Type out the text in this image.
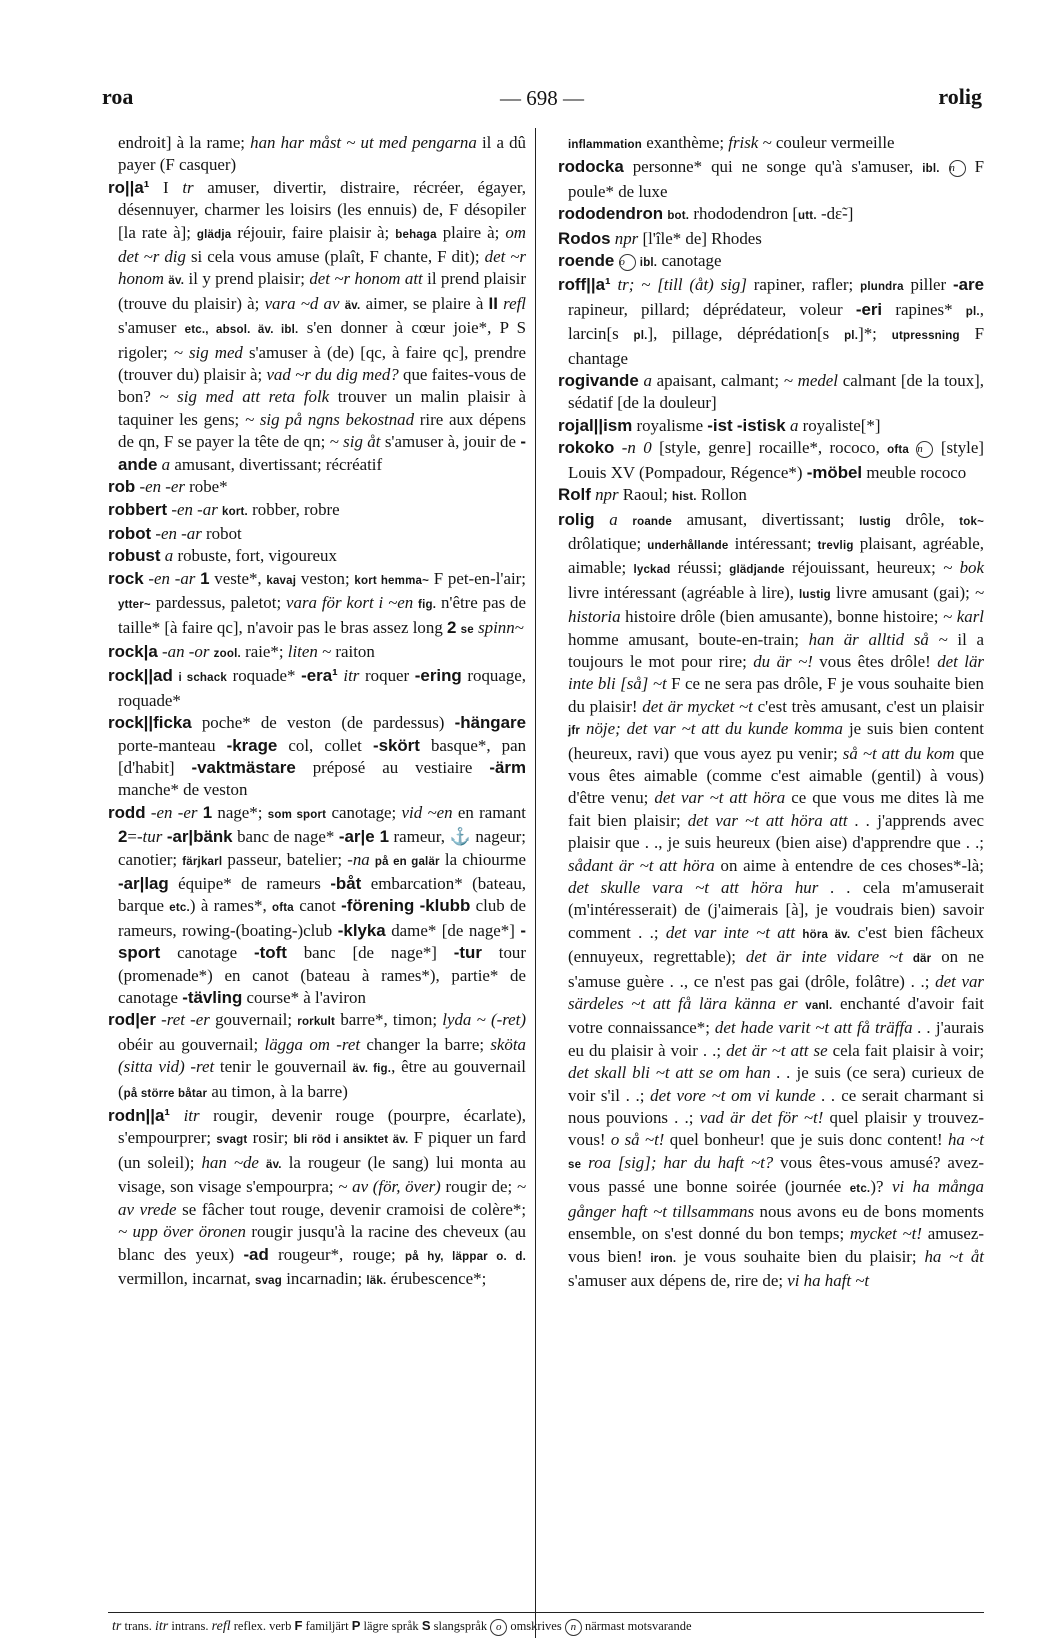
roa	— 698 —	rolig

endroit] à la rame; han har måst ~ ut med pengarna il a dû payer (F casquer)

ro||a¹ I tr amuser, divertir, distraire, récréer, égayer, désennuyer, charmer les loisirs (les ennuis) de, F désopiler [la rate à]; glädja réjouir, faire plaisir à; behaga plaire à; om det ~r dig si cela vous amuse (plaît, F chante, F dit); det ~r honom äv. il y prend plaisir; det ~r honom att il prend plaisir (trouve du plaisir) à; vara ~d av äv. aimer, se plaire à II refl s'amuser etc., absol. äv. ibl. s'en donner à cœur joie*, P S rigoler; ~ sig med s'amuser à (de) [qc, à faire qc], prendre (trouver du) plaisir à; vad ~r du dig med? que faites-vous de bon? ~ sig med att reta folk trouver un malin plaisir à taquiner les gens; ~ sig på ngns bekostnad rire aux dépens de qn, F se payer la tête de qn; ~ sig åt s'amuser à, jouir de -ande a amusant, divertissant; récréatif

rob -en -er robe*

robbert -en -ar kort. robber, robre

robot -en -ar robot

robust a robuste, fort, vigoureux

rock -en -ar 1 veste*, kavaj veston; kort hemma~ F pet-en-l'air; ytter~ pardessus, paletot; vara för kort i ~en fig. n'être pas de taille* [à faire qc], n'avoir pas le bras assez long 2 se spinn~

rock|a -an -or zool. raie*; liten ~ raiton

rock||ad i schack roquade* -era¹ itr roquer -ering roquage, roquade*

rock||ficka poche* de veston (de pardessus) -hängare porte-manteau -krage col, collet -skört basque*, pan [d'habit] -vaktmästare préposé au vestiaire -ärm manche* de veston

rodd -en -er 1 nage*; som sport canotage; vid ~en en ramant 2=-tur -ar|bänk banc de nage* -ar|e 1 rameur, ⚓ nageur; canotier; färjkarl passeur, batelier; -na på en galär la chiourme -ar|lag équipe* de rameurs -båt embarcation* (bateau, barque etc.) à rames*, ofta canot -förening -klubb club de rameurs, rowing-(boating-)club -klyka dame* [de nage*] -sport canotage -toft banc [de nage*] -tur tour (promenade*) en canot (bateau à rames*), partie* de canotage -tävling course* à l'aviron

rod|er -ret -er gouvernail; rorkult barre*, timon; lyda ~ (-ret) obéir au gouvernail; lägga om -ret changer la barre; sköta (sitta vid) -ret tenir le gouvernail äv. fig., être au gouvernail (på större båtar au timon, à la barre)

rodn||a¹ itr rougir, devenir rouge (pourpre, écarlate), s'empourprer; svagt rosir; bli röd i ansiktet äv. F piquer un fard (un soleil); han ~de äv. la rougeur (le sang) lui monta au visage, son visage s'empourpra; ~ av (för, över) rougir de; ~ av vrede se fâcher tout rouge, devenir cramoisi de colère*; ~ upp över öronen rougir jusqu'à la racine des cheveux (au blanc des yeux) -ad rougeur*, rouge; på hy, läppar o. d. vermillon, incarnat, svag incarnadin; läk. érubescence*;

inflammation exanthème; frisk ~ couleur vermeille

rodocka personne* qui ne songe qu'à s'amuser, ibl. n F poule* de luxe

rododendron bot. rhododendron [utt. -dɛ̃-]

Rodos npr [l'île* de] Rhodes

roende o ibl. canotage

roff||a¹ tr; ~ [till (åt) sig] rapiner, rafler; plundra piller -are rapineur, pillard; déprédateur, voleur -eri rapines* pl., larcin[s pl.], pillage, déprédation[s pl.]*; utpressning F chantage

rogivande a apaisant, calmant; ~ medel calmant [de la toux], sédatif [de la douleur]

rojal||ism royalisme -ist -istisk a royaliste[*]

rokoko -n 0 [style, genre] rocaille*, rococo, ofta n [style] Louis XV (Pompadour, Régence*) -möbel meuble rococo

Rolf npr Raoul; hist. Rollon

rolig a roande amusant, divertissant; lustig drôle, tok~ drôlatique; underhållande intéressant; trevlig plaisant, agréable, aimable; lyckad réussi; glädjande réjouissant, heureux; ~ bok livre intéressant (agréable à lire), lustig livre amusant (gai); ~ historia histoire drôle (bien amusante), bonne histoire; ~ karl homme amusant, boute-en-train; han är alltid så ~ il a toujours le mot pour rire; du är ~! vous êtes drôle! det lär inte bli [så] ~t F ce ne sera pas drôle, F je vous souhaite bien du plaisir! det är mycket ~t c'est très amusant, c'est un plaisir jfr nöje; det var ~t att du kunde komma je suis bien content (heureux, ravi) que vous ayez pu venir; så ~t att du kom que vous êtes aimable (comme c'est aimable (gentil) à vous) d'être venu; det var ~t att höra ce que vous me dites là me fait bien plaisir; det var ~t att höra att . . j'apprends avec plaisir que . ., je suis heureux (bien aise) d'apprendre que . .; sådant är ~t att höra on aime à entendre de ces choses*-là; det skulle vara ~t att höra hur . . cela m'amuserait (m'intéresserait) de (j'aimerais [à], je voudrais bien) savoir comment . .; det var inte ~t att höra äv. c'est bien fâcheux (ennuyeux, regrettable); det är inte vidare ~t där on ne s'amuse guère . ., ce n'est pas gai (drôle, folâtre) . .; det var särdeles ~t att få lära känna er vanl. enchanté d'avoir fait votre connaissance*; det hade varit ~t att få träffa . . j'aurais eu du plaisir à voir . .; det är ~t att se cela fait plaisir à voir; det skall bli ~t att se om han . . je suis (ce sera) curieux de voir s'il . .; det vore ~t om vi kunde . . ce serait charmant si nous pouvions . .; vad är det för ~t! quel plaisir y trouvez-vous! o så ~t! quel bonheur! que je suis donc content! ha ~t se roa [sig]; har du haft ~t? vous êtes-vous amusé? avez-vous passé une bonne soirée (journée etc.)? vi ha många gånger haft ~t tillsammans nous avons eu de bons moments ensemble, on s'est donné du bon temps; mycket ~t! amusez-vous bien! iron. je vous souhaite bien du plaisir; ha ~t åt s'amuser aux dépens de, rire de; vi ha haft ~t

tr trans. itr intrans. refl reflex. verb F familjärt P lägre språk S slangspråk o omskrives n närmast motsvarande
